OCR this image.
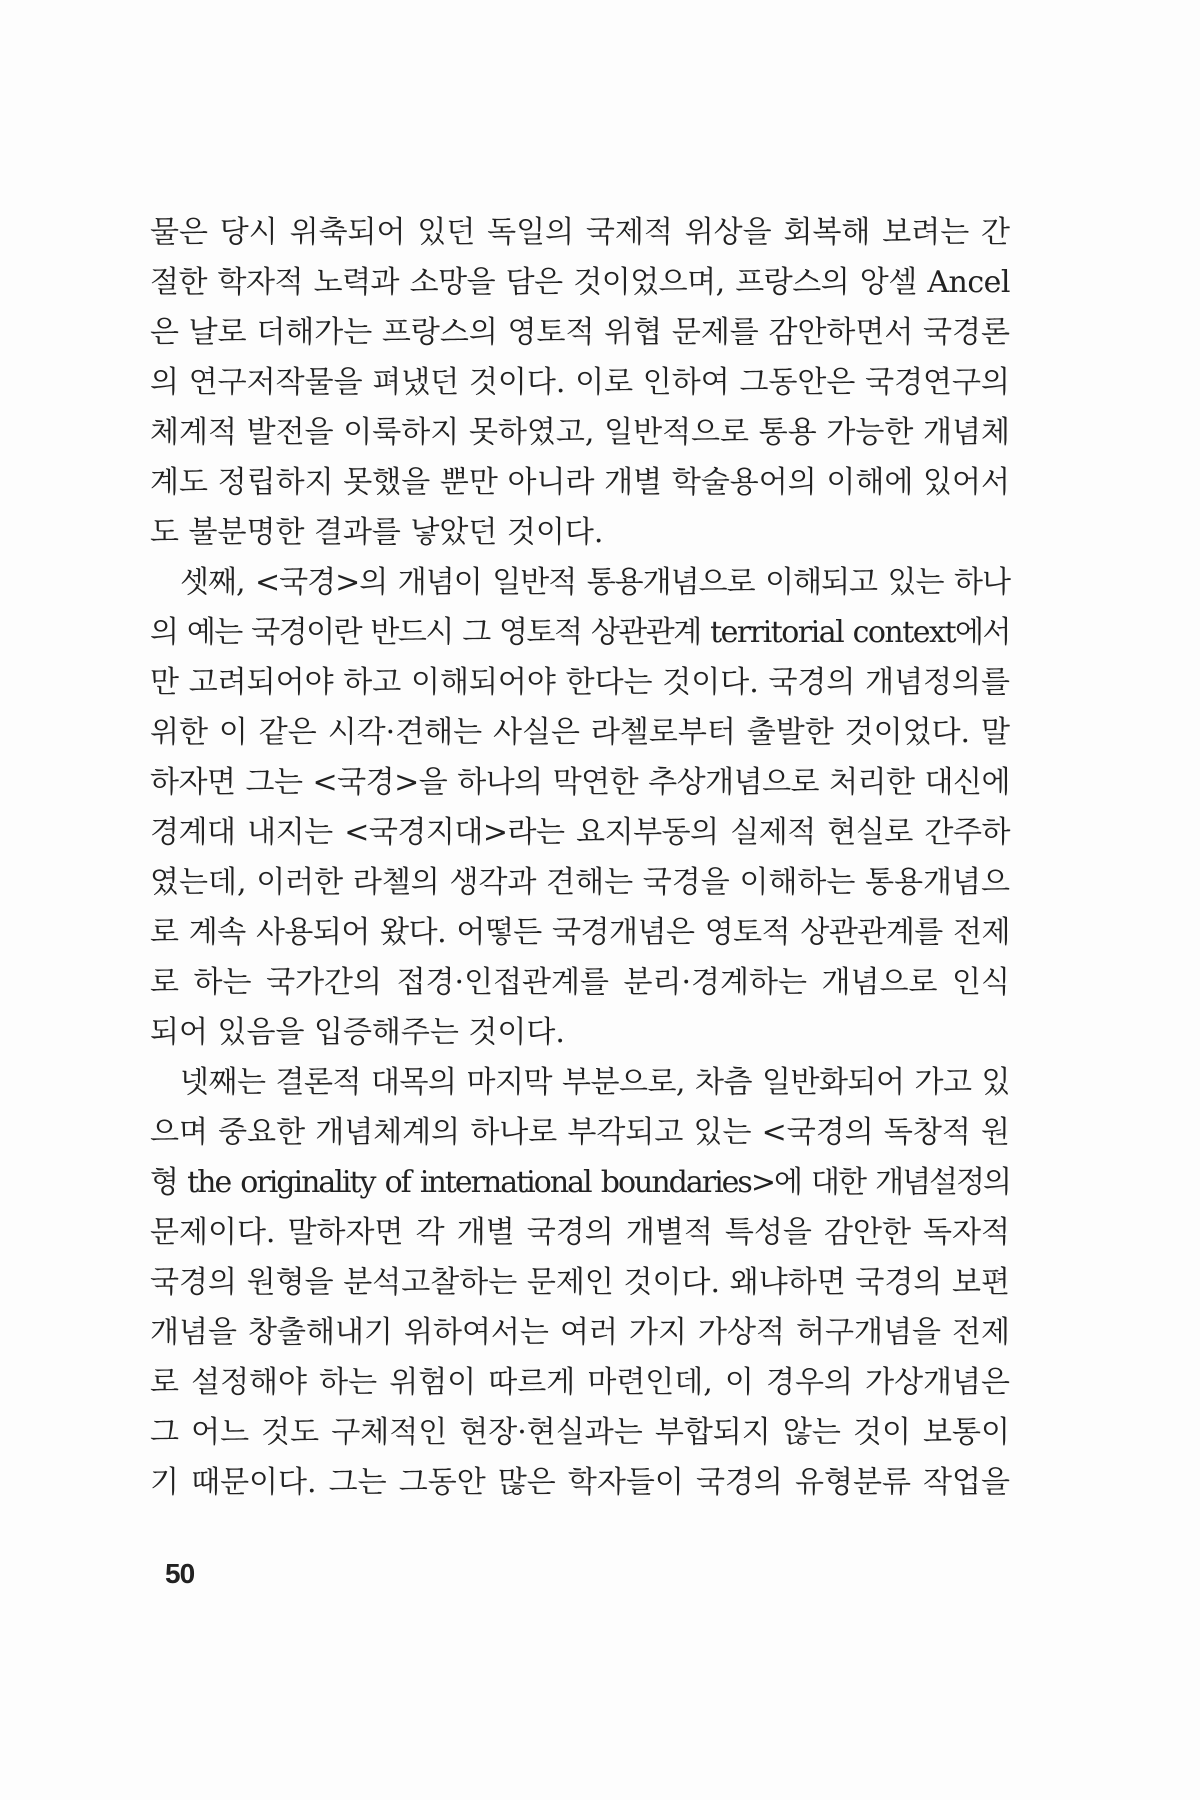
물은 당시 위축되어 있던 독일의 국제적 위상을 회복해 보려는 간
절한 학자적 노력과 소망을 담은 것이었으며, 프랑스의 앙셀 Ancel
은 날로 더해가는 프랑스의 영토적 위협 문제를 감안하면서 국경론
의 연구저작물을 펴냈던 것이다. 이로 인하여 그동안은 국경연구의
체계적 발전을 이룩하지 못하였고, 일반적으로 통용 가능한 개념체
계도 정립하지 못했을 뿐만 아니라 개별 학술용어의 이해에 있어서
도 불분명한 결과를 낳았던 것이다.
셋째, <국경>의 개념이 일반적 통용개념으로 이해되고 있는 하나
의 예는 국경이란 반드시 그 영토적 상관관계 territorial context에서
만 고려되어야 하고 이해되어야 한다는 것이다. 국경의 개념정의를
위한 이 같은 시각·견해는 사실은 라첼로부터 출발한 것이었다. 말
하자면 그는 <국경>을 하나의 막연한 추상개념으로 처리한 대신에
경계대 내지는 <국경지대>라는 요지부동의 실제적 현실로 간주하
였는데, 이러한 라첼의 생각과 견해는 국경을 이해하는 통용개념으
로 계속 사용되어 왔다. 어떻든 국경개념은 영토적 상관관계를 전제
로 하는 국가간의 접경·인접관계를 분리·경계하는 개념으로 인식
되어 있음을 입증해주는 것이다.
넷째는 결론적 대목의 마지막 부분으로, 차츰 일반화되어 가고 있
으며 중요한 개념체계의 하나로 부각되고 있는 <국경의 독창적 원
형 the originality of international boundaries>에 대한 개념설정의
문제이다. 말하자면 각 개별 국경의 개별적 특성을 감안한 독자적
국경의 원형을 분석고찰하는 문제인 것이다. 왜냐하면 국경의 보편
개념을 창출해내기 위하여서는 여러 가지 가상적 허구개념을 전제
로 설정해야 하는 위험이 따르게 마련인데, 이 경우의 가상개념은
그 어느 것도 구체적인 현장·현실과는 부합되지 않는 것이 보통이
기 때문이다. 그는 그동안 많은 학자들이 국경의 유형분류 작업을
50
